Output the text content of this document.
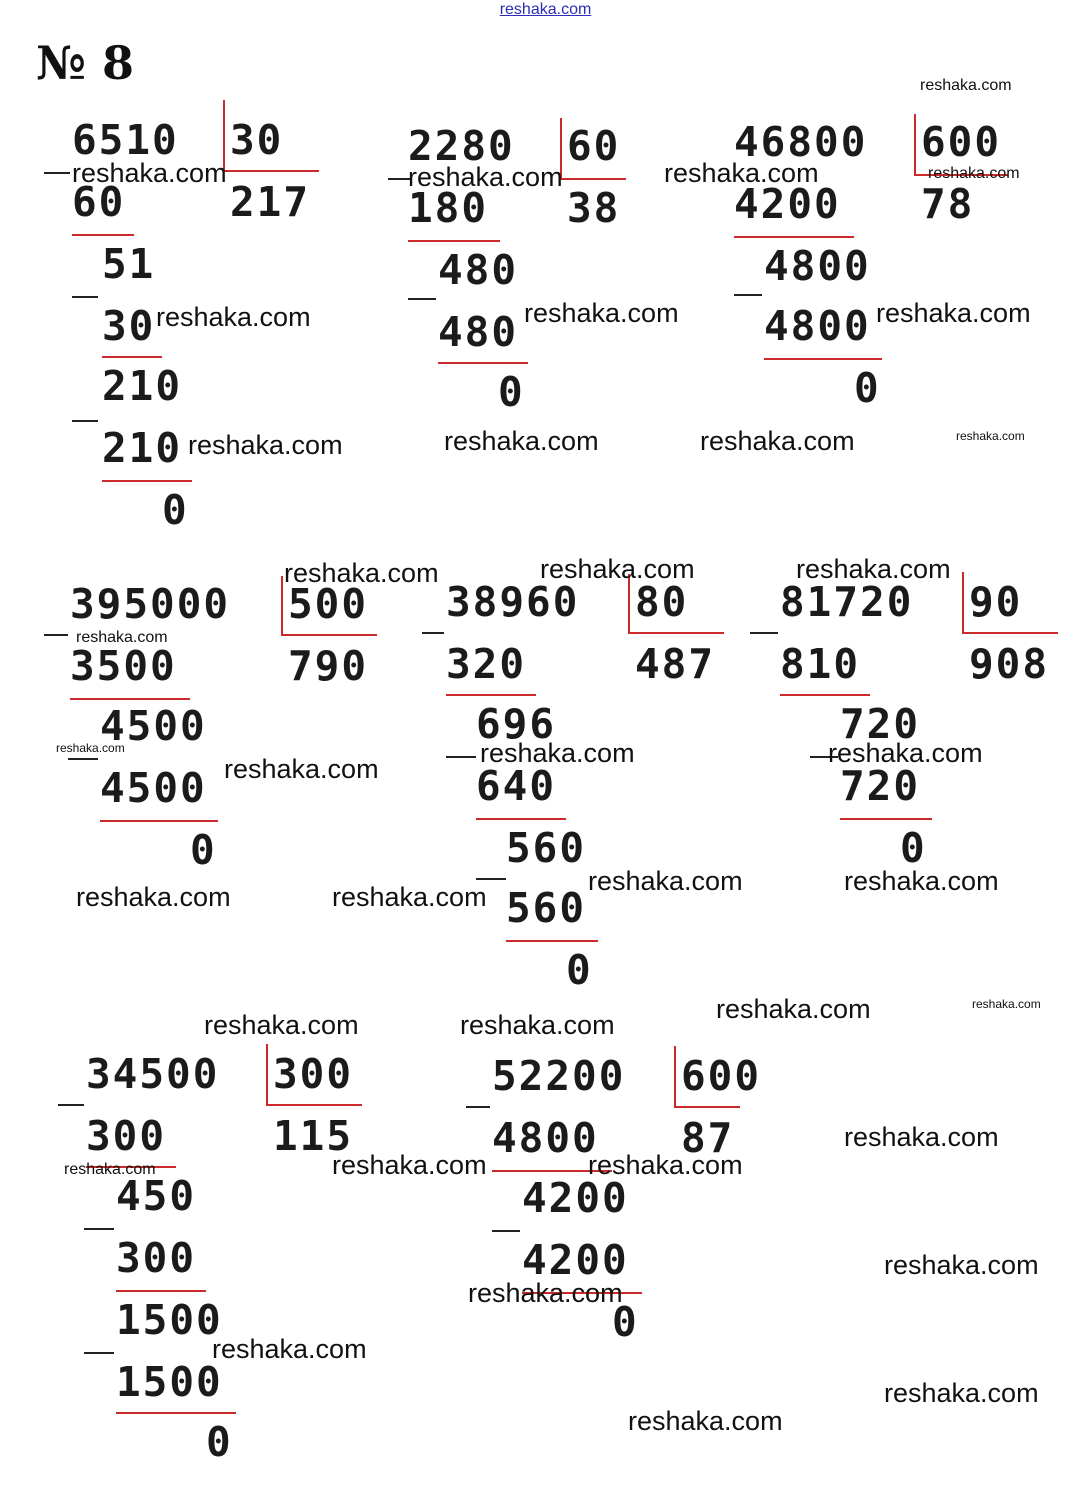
reshaka.com
№ 8
6510 30
217
60
51
30
210
210
0
2280 60
38
180
480
480
0
46800 600
78
4200
4800
4800
0
395000 500
790
3500
4500
4500
0
38960 80
487
320
696
640
560
560
0
81720 90
908
810
720
720
0
34500 300
115
300
450
300
1500
1500
0
52200 600
87
4800
4200
4200
0
reshaka.com
reshaka.com	reshaka.com	reshaka.com	reshaka.com
reshaka.com	reshaka.com	reshaka.com
reshaka.com	reshaka.com	reshaka.com	reshaka.com
reshaka.com	reshaka.com	reshaka.com
reshaka.com
reshaka.com	reshaka.com	reshaka.com
reshaka.com
reshaka.com	reshaka.com
reshaka.com	reshaka.com
reshaka.com	reshaka.com
reshaka.com	reshaka.com
reshaka.com
reshaka.com	reshaka.com	reshaka.com
reshaka.com
reshaka.com
reshaka.com
reshaka.com
reshaka.com
